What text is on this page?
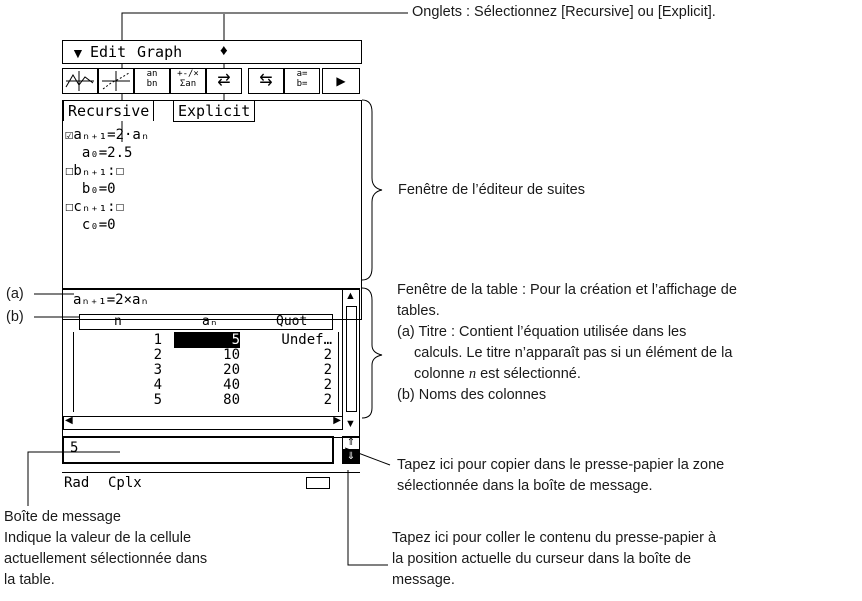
▼ Edit Graph	♦
an
bn
+-/×
Σan	⇄	⇆	a=
b=	▶
Recursive	Explicit
☑aₙ₊₁=2·aₙ
a₀=2.5
☐bₙ₊₁:☐
b₀=0
☐cₙ₊₁:☐
c₀=0
aₙ₊₁=2×aₙ
n	aₙ	Quot
1	5	Undef…
2	10	2
3	20	2
4	40	2
5	80	2
◀	▶
▲
▼
5	⇑
⇓
Rad Cplx
Onglets : Sélectionnez [Recursive] ou [Explicit].
Fenêtre de l’éditeur de suites
Fenêtre de la table : Pour la création et l’affichage de
tables.
(a) Titre : Contient l’équation utilisée dans les
calculs. Le titre n’apparaît pas si un élément de la
colonne n est sélectionné.
(b) Noms des colonnes
(a)
(b)
Tapez ici pour copier dans le presse-papier la zone
sélectionnée dans la boîte de message.
Tapez ici pour coller le contenu du presse-papier à
la position actuelle du curseur dans la boîte de
message.
Boîte de message
Indique la valeur de la cellule
actuellement sélectionnée dans
la table.
